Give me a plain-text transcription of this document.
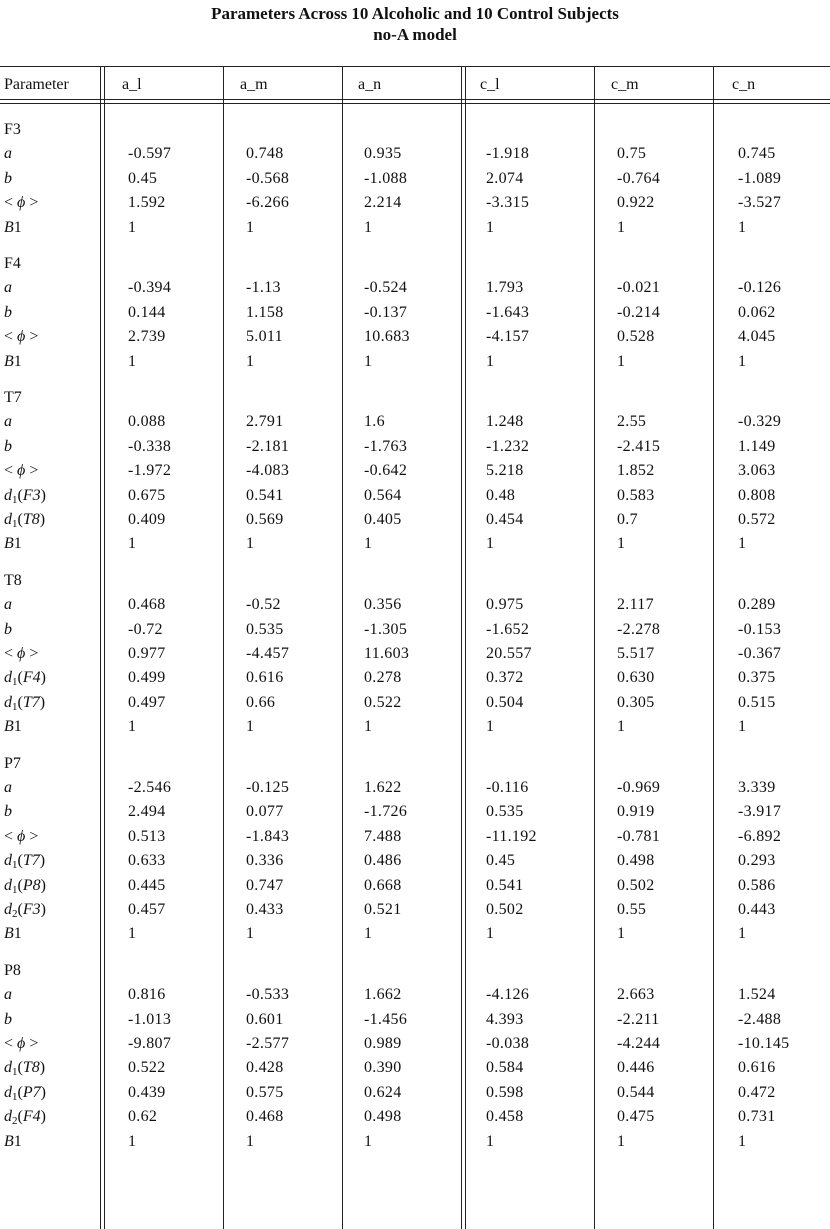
Parameters Across 10 Alcoholic and 10 Control Subjects
no-A model
Parameter	a_l	a_m	a_n	c_l	c_m	c_n
F3
a	-0.597	0.748	0.935	-1.918	0.75	0.745
b	0.45	-0.568	-1.088	2.074	-0.764	-1.089
< ϕ >	1.592	-6.266	2.214	-3.315	0.922	-3.527
B1	1	1	1	1	1	1
F4
a	-0.394	-1.13	-0.524	1.793	-0.021	-0.126
b	0.144	1.158	-0.137	-1.643	-0.214	0.062
< ϕ >	2.739	5.011	10.683	-4.157	0.528	4.045
B1	1	1	1	1	1	1
T7
a	0.088	2.791	1.6	1.248	2.55	-0.329
b	-0.338	-2.181	-1.763	-1.232	-2.415	1.149
< ϕ >	-1.972	-4.083	-0.642	5.218	1.852	3.063
$d_1(F3)$	0.675	0.541	0.564	0.48	0.583	0.808
$d_1(T8)$	0.409	0.569	0.405	0.454	0.7	0.572
B1	1	1	1	1	1	1
T8
a	0.468	-0.52	0.356	0.975	2.117	0.289
b	-0.72	0.535	-1.305	-1.652	-2.278	-0.153
< ϕ >	0.977	-4.457	11.603	20.557	5.517	-0.367
$d_1(F4)$	0.499	0.616	0.278	0.372	0.630	0.375
$d_1(T7)$	0.497	0.66	0.522	0.504	0.305	0.515
B1	1	1	1	1	1	1
P7
a	-2.546	-0.125	1.622	-0.116	-0.969	3.339
b	2.494	0.077	-1.726	0.535	0.919	-3.917
< ϕ >	0.513	-1.843	7.488	-11.192	-0.781	-6.892
$d_1(T7)$	0.633	0.336	0.486	0.45	0.498	0.293
$d_1(P8)$	0.445	0.747	0.668	0.541	0.502	0.586
$d_2(F3)$	0.457	0.433	0.521	0.502	0.55	0.443
B1	1	1	1	1	1	1
P8
a	0.816	-0.533	1.662	-4.126	2.663	1.524
b	-1.013	0.601	-1.456	4.393	-2.211	-2.488
< ϕ >	-9.807	-2.577	0.989	-0.038	-4.244	-10.145
$d_1(T8)$	0.522	0.428	0.390	0.584	0.446	0.616
$d_1(P7)$	0.439	0.575	0.624	0.598	0.544	0.472
$d_2(F4)$	0.62	0.468	0.498	0.458	0.475	0.731
B1	1	1	1	1	1	1
